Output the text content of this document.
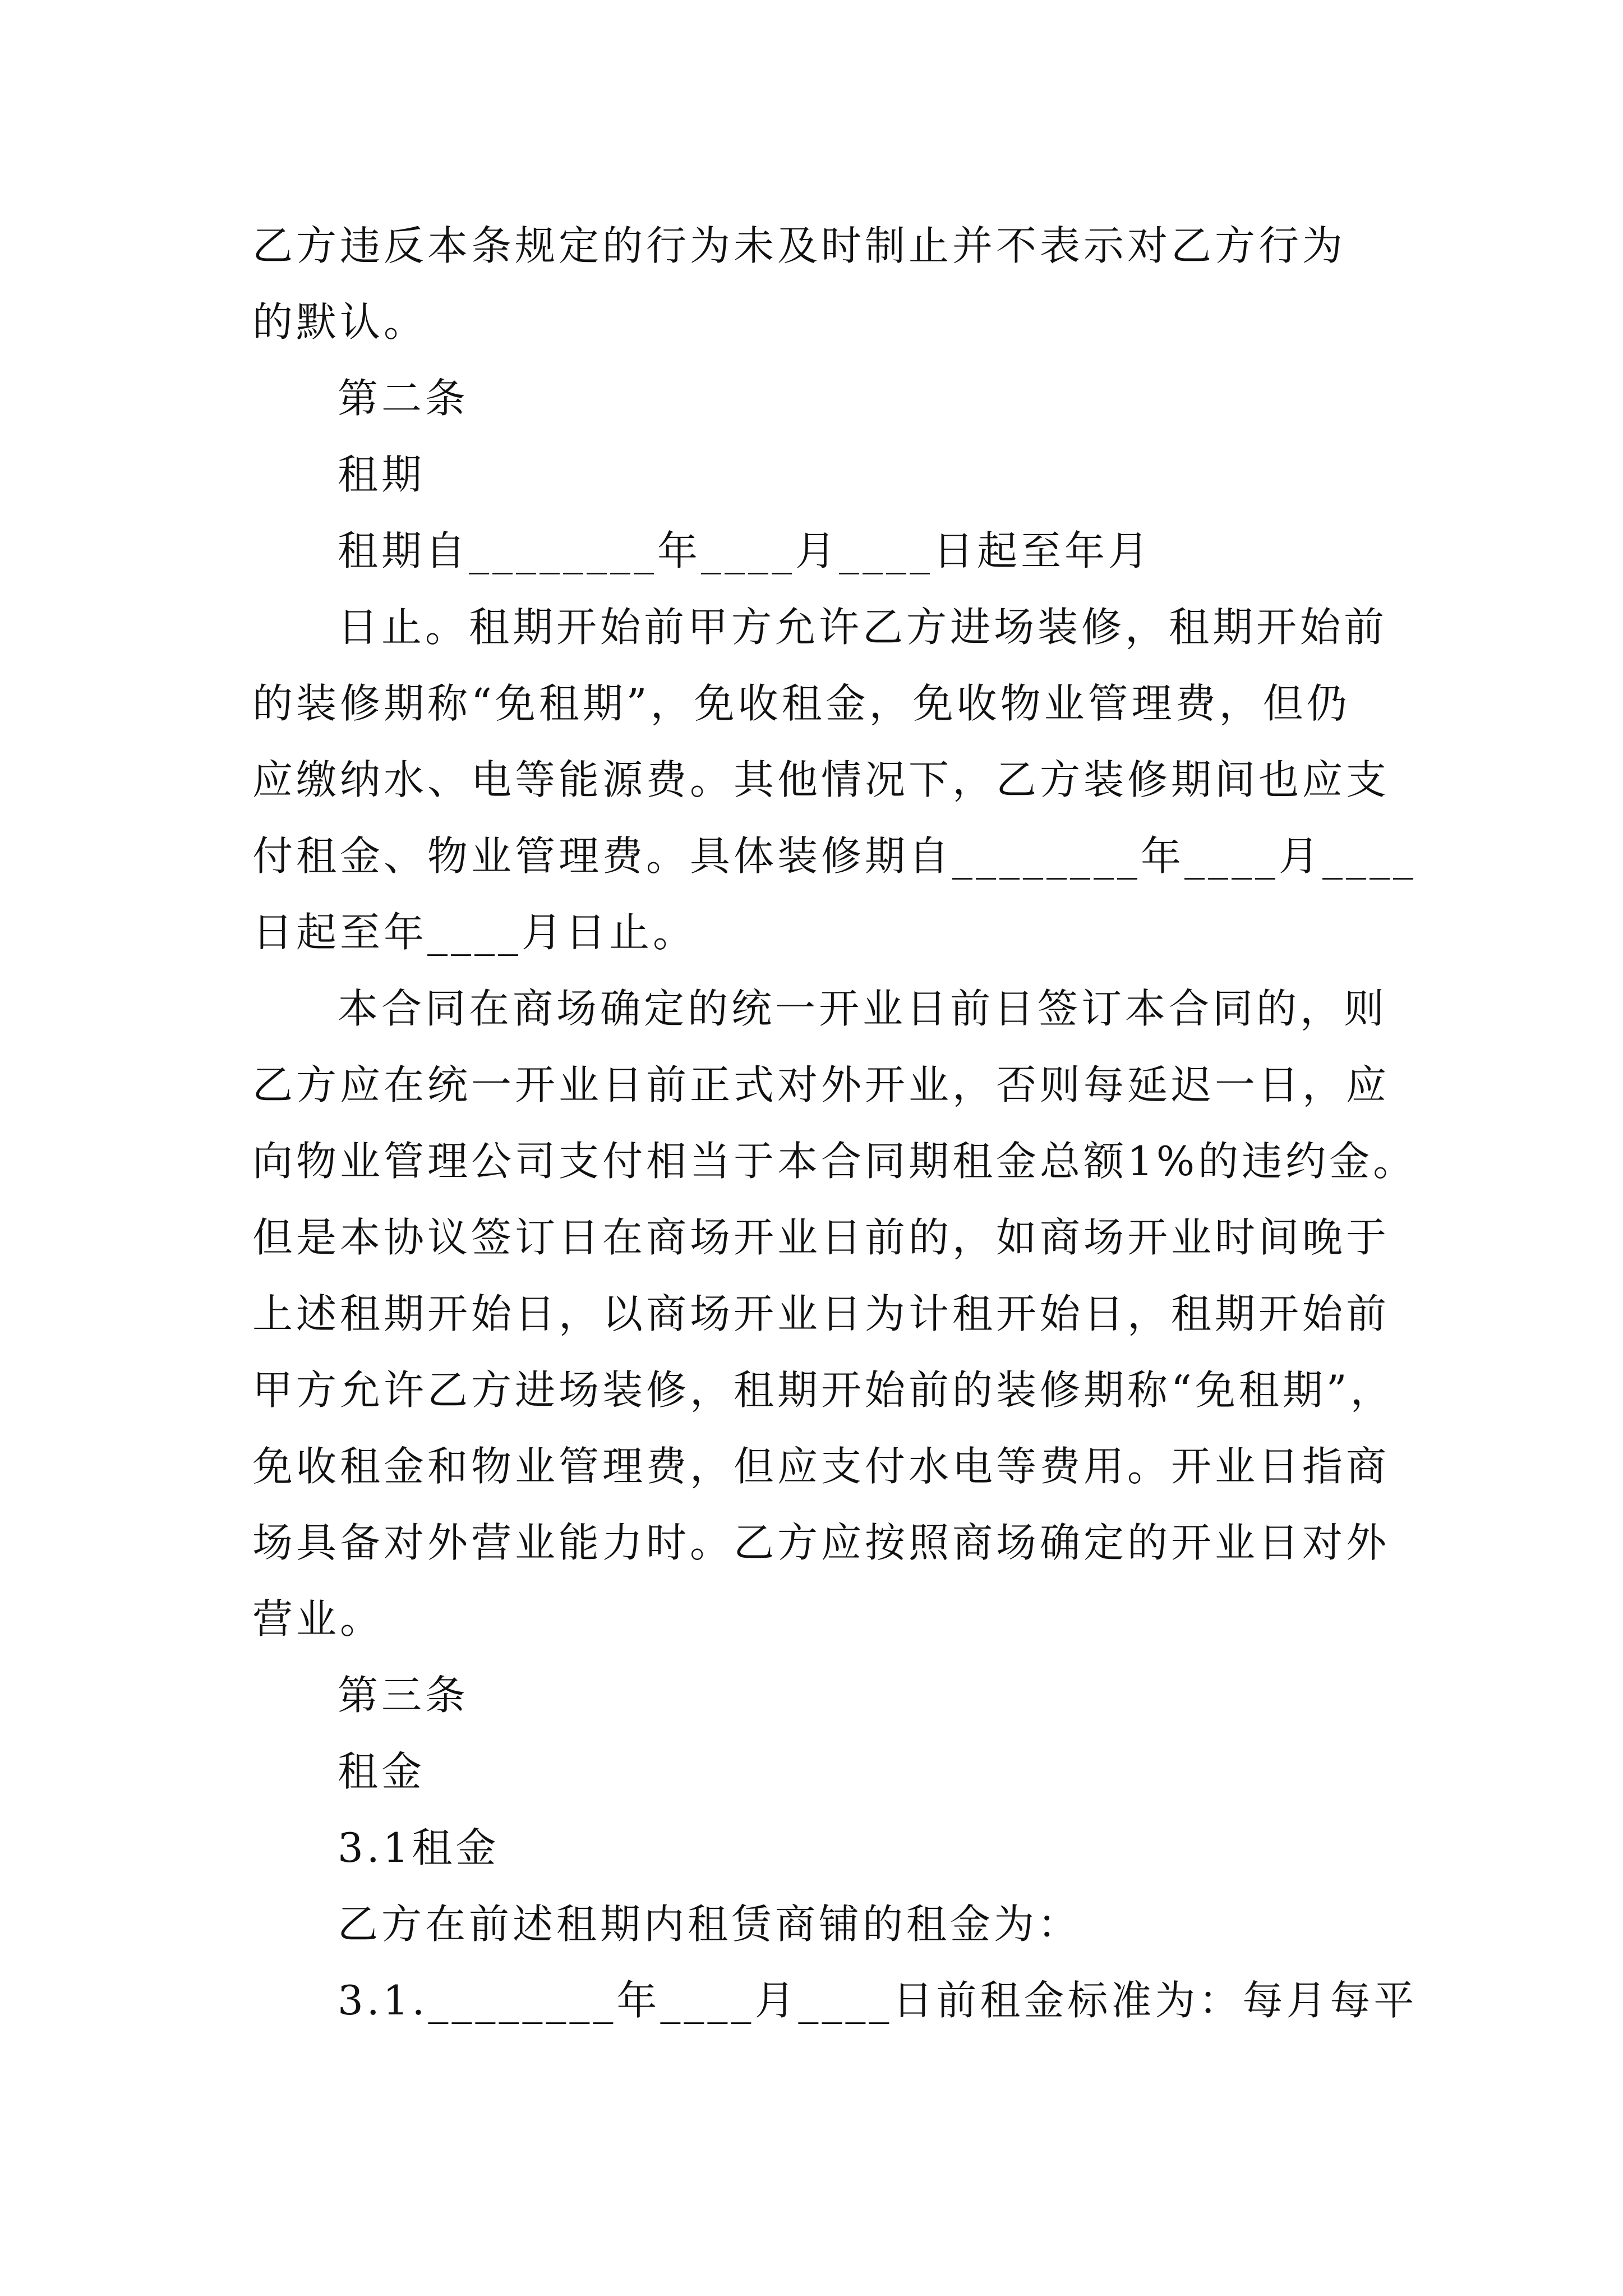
乙方违反本条规定的行为未及时制止并不表示对乙方行为
的默认。
第二条
租期
租期自________年____月____日起至年月
日止。租期开始前甲方允许乙方进场装修，租期开始前
的装修期称“免租期”，免收租金，免收物业管理费，但仍
应缴纳水、电等能源费。其他情况下，乙方装修期间也应支
付租金、物业管理费。具体装修期自________年____月____
日起至年____月日止。
本合同在商场确定的统一开业日前日签订本合同的，则
乙方应在统一开业日前正式对外开业，否则每延迟一日，应
向物业管理公司支付相当于本合同期租金总额1%的违约金。
但是本协议签订日在商场开业日前的，如商场开业时间晚于
上述租期开始日，以商场开业日为计租开始日，租期开始前
甲方允许乙方进场装修，租期开始前的装修期称“免租期”，
免收租金和物业管理费，但应支付水电等费用。开业日指商
场具备对外营业能力时。乙方应按照商场确定的开业日对外
营业。
第三条
租金
3.1租金
乙方在前述租期内租赁商铺的租金为：
3.1.________年____月____日前租金标准为：每月每平
